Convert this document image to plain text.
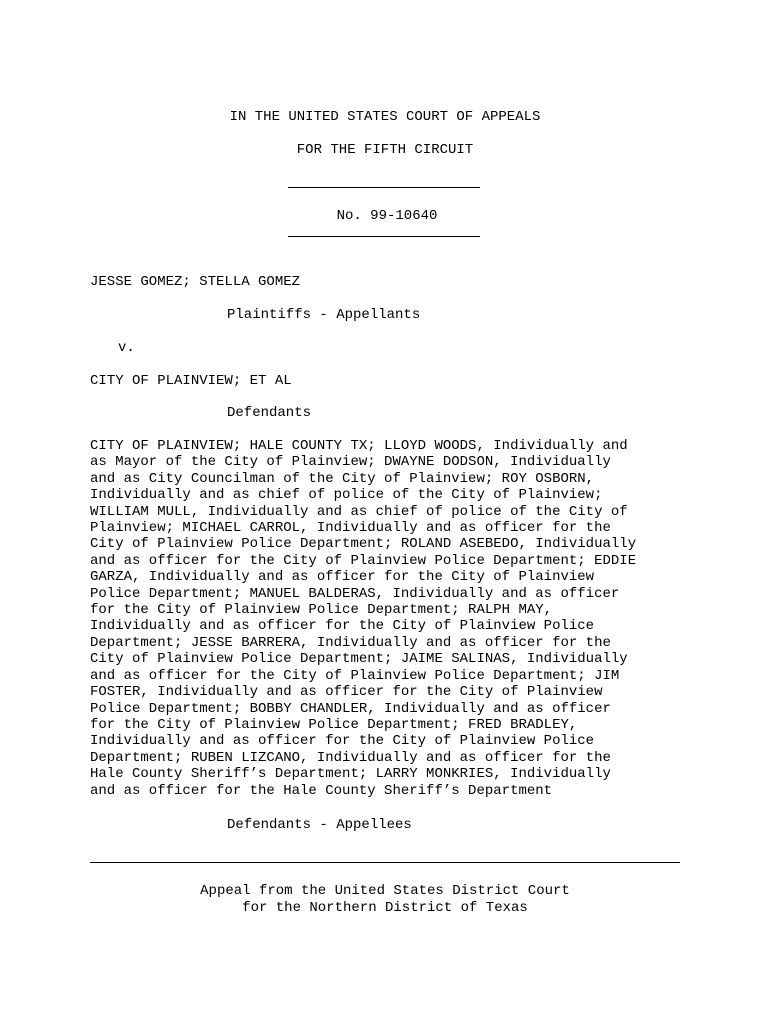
IN THE UNITED STATES COURT OF APPEALS
FOR THE FIFTH CIRCUIT
No. 99-10640
JESSE GOMEZ; STELLA GOMEZ
Plaintiffs - Appellants
v.
CITY OF PLAINVIEW; ET AL
Defendants
CITY OF PLAINVIEW; HALE COUNTY TX; LLOYD WOODS, Individually and
as Mayor of the City of Plainview; DWAYNE DODSON, Individually
and as City Councilman of the City of Plainview; ROY OSBORN,
Individually and as chief of police of the City of Plainview;
WILLIAM MULL, Individually and as chief of police of the City of
Plainview; MICHAEL CARROL, Individually and as officer for the
City of Plainview Police Department; ROLAND ASEBEDO, Individually
and as officer for the City of Plainview Police Department; EDDIE
GARZA, Individually and as officer for the City of Plainview
Police Department; MANUEL BALDERAS, Individually and as officer
for the City of Plainview Police Department; RALPH MAY,
Individually and as officer for the City of Plainview Police
Department; JESSE BARRERA, Individually and as officer for the
City of Plainview Police Department; JAIME SALINAS, Individually
and as officer for the City of Plainview Police Department; JIM
FOSTER, Individually and as officer for the City of Plainview
Police Department; BOBBY CHANDLER, Individually and as officer
for the City of Plainview Police Department; FRED BRADLEY,
Individually and as officer for the City of Plainview Police
Department; RUBEN LIZCANO, Individually and as officer for the
Hale County Sheriff’s Department; LARRY MONKRIES, Individually
and as officer for the Hale County Sheriff’s Department
Defendants - Appellees
Appeal from the United States District Court
for the Northern District of Texas
